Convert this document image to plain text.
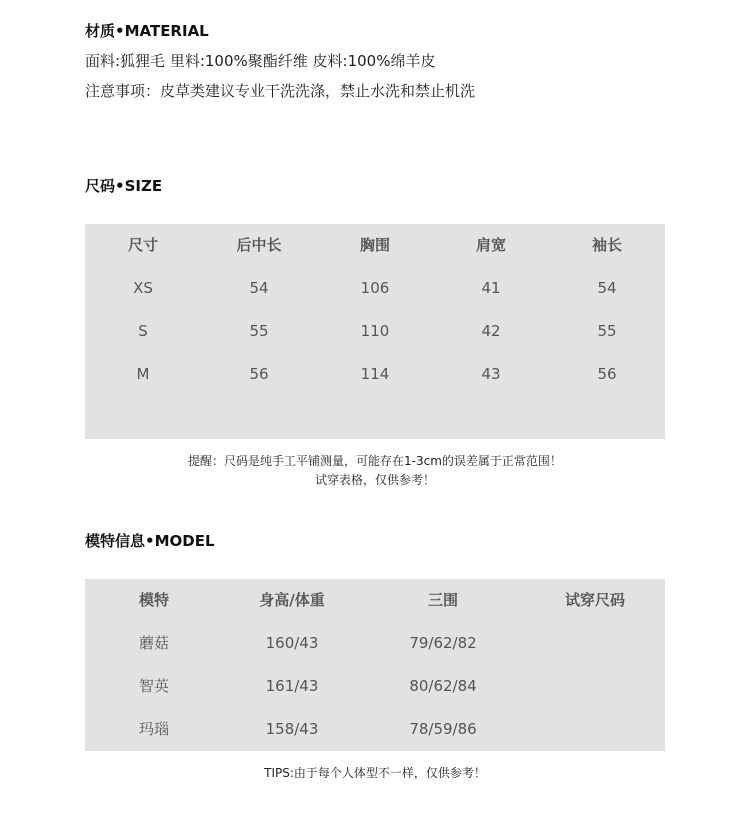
材质•MATERIAL
面料:狐狸毛 里料:100%聚酯纤维 皮料:100%绵羊皮
注意事项：皮草类建议专业干洗洗涤，禁止水洗和禁止机洗
尺码•SIZE
尺寸	后中长	胸围	肩宽	袖长
XS	54	106	41	54
S	55	110	42	55
M	56	114	43	56
提醒：尺码是纯手工平铺测量，可能存在1-3cm的误差属于正常范围！
试穿表格，仅供参考！
模特信息•MODEL
模特	身高/体重	三围	试穿尺码
蘑菇	160/43	79/62/82
智英	161/43	80/62/84
玛瑙	158/43	78/59/86
TIPS:由于每个人体型不一样，仅供参考！
